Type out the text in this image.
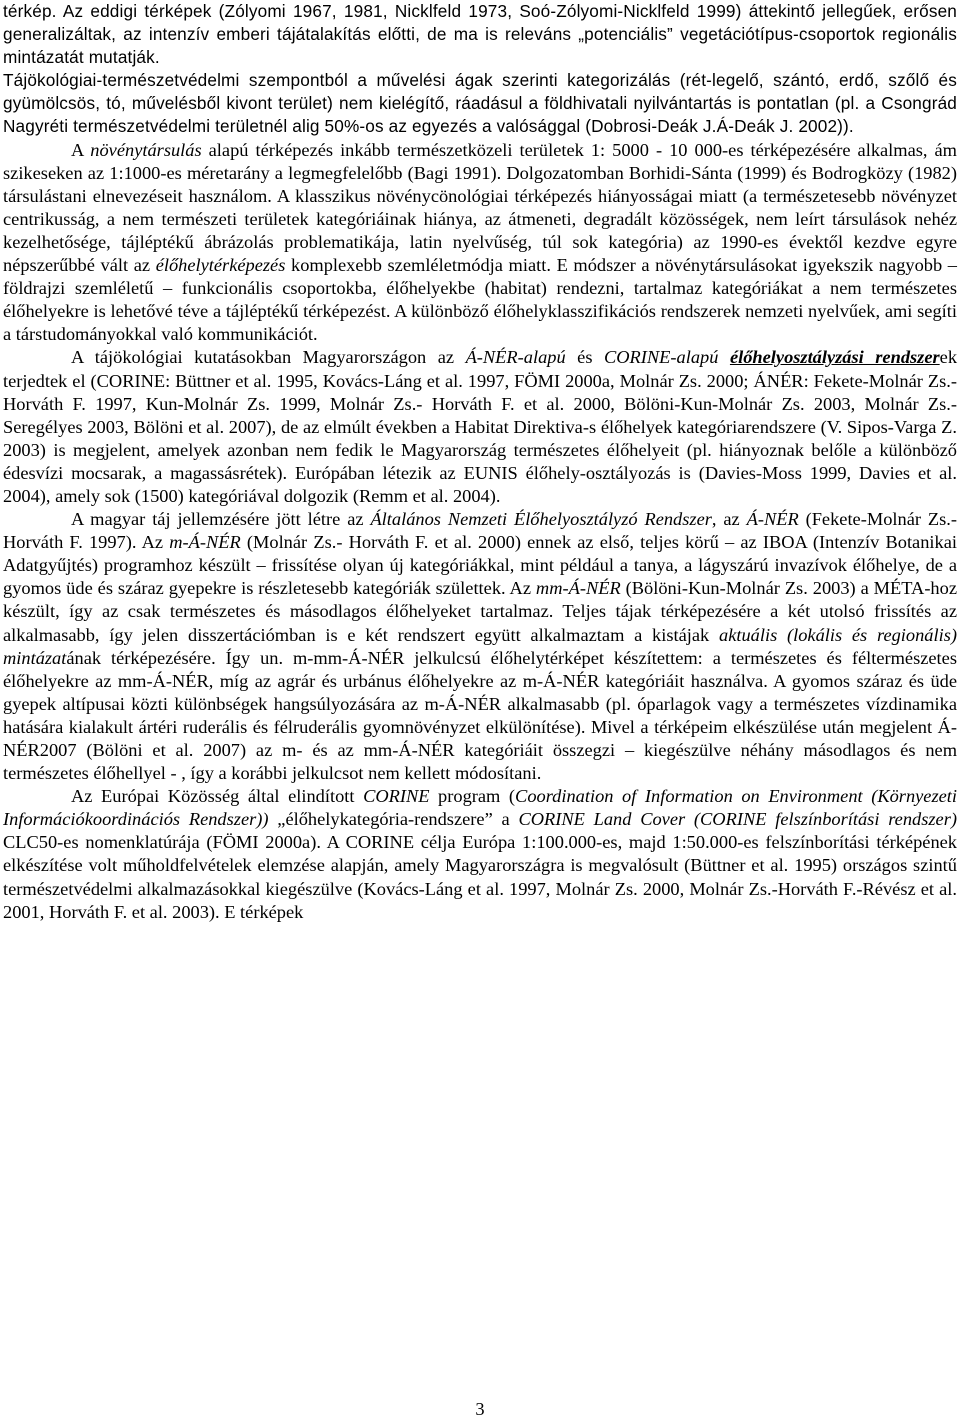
térkép. Az eddigi térképek (Zólyomi 1967, 1981, Nicklfeld 1973, Soó-Zólyomi-Nicklfeld 1999) áttekintő jellegűek, erősen generalizáltak, az intenzív emberi tájátalakítás előtti, de ma is releváns „potenciális” vegetációtípus-csoportok regionális mintázatát mutatják.

Tájökológiai-természetvédelmi szempontból a művelési ágak szerinti kategorizálás (rét-legelő, szántó, erdő, szőlő és gyümölcsös, tó, művelésből kivont terület) nem kielégítő, ráadásul a földhivatali nyilvántartás is pontatlan (pl. a Csongrád Nagyréti természetvédelmi területnél alig 50%-os az egyezés a valósággal (Dobrosi-Deák J.Á-Deák J. 2002)).

A növénytársulás alapú térképezés inkább természetközeli területek 1: 5000 - 10 000-es térképezésére alkalmas, ám szikeseken az 1:1000-es méretarány a legmegfelelőbb (Bagi 1991). Dolgozatomban Borhidi-Sánta (1999) és Bodrogközy (1982) társulástani elnevezéseit használom. A klasszikus növénycönológiai térképezés hiányosságai miatt (a természetesebb növényzet centrikusság, a nem természeti területek kategóriáinak hiánya, az átmeneti, degradált közösségek, nem leírt társulások nehéz kezelhetősége, tájléptékű ábrázolás problematikája, latin nyelvűség, túl sok kategória) az 1990-es évektől kezdve egyre népszerűbbé vált az élőhelytérképezés komplexebb szemléletmódja miatt. E módszer a növénytársulásokat igyekszik nagyobb –földrajzi szemléletű – funkcionális csoportokba, élőhelyekbe (habitat) rendezni, tartalmaz kategóriákat a nem természetes élőhelyekre is lehetővé téve a tájléptékű térképezést. A különböző élőhelyklasszifikációs rendszerek nemzeti nyelvűek, ami segíti a társtudományokkal való kommunikációt.

A tájökológiai kutatásokban Magyarországon az Á-NÉR-alapú és CORINE-alapú élőhelyosztályzási rendszerek terjedtek el (CORINE: Büttner et al. 1995, Kovács-Láng et al. 1997, FÖMI 2000a, Molnár Zs. 2000; ÁNÉR: Fekete-Molnár Zs.-Horváth F. 1997, Kun-Molnár Zs. 1999, Molnár Zs.- Horváth F. et al. 2000, Bölöni-Kun-Molnár Zs. 2003, Molnár Zs.-Seregélyes 2003, Bölöni et al. 2007), de az elmúlt években a Habitat Direktiva-s élőhelyek kategóriarendszere (V. Sipos-Varga Z. 2003) is megjelent, amelyek azonban nem fedik le Magyarország természetes élőhelyeit (pl. hiányoznak belőle a különböző édesvízi mocsarak, a magassásrétek). Európában létezik az EUNIS élőhely-osztályozás is (Davies-Moss 1999, Davies et al. 2004), amely sok (1500) kategóriával dolgozik (Remm et al. 2004).

A magyar táj jellemzésére jött létre az Általános Nemzeti Élőhelyosztályzó Rendszer, az Á-NÉR (Fekete-Molnár Zs.-Horváth F. 1997). Az m-Á-NÉR (Molnár Zs.- Horváth F. et al. 2000) ennek az első, teljes körű – az IBOA (Intenzív Botanikai Adatgyűjtés) programhoz készült – frissítése olyan új kategóriákkal, mint például a tanya, a lágyszárú invazívok élőhelye, de a gyomos üde és száraz gyepekre is részletesebb kategóriák születtek. Az mm-Á-NÉR (Bölöni-Kun-Molnár Zs. 2003) a MÉTA-hoz készült, így az csak természetes és másodlagos élőhelyeket tartalmaz. Teljes tájak térképezésére a két utolsó frissítés az alkalmasabb, így jelen disszertációmban is e két rendszert együtt alkalmaztam a kistájak aktuális (lokális és regionális) mintázatának térképezésére. Így un. m-mm-Á-NÉR jelkulcsú élőhelytérképet készítettem: a természetes és féltermészetes élőhelyekre az mm-Á-NÉR, míg az agrár és urbánus élőhelyekre az m-Á-NÉR kategóriáit használva. A gyomos száraz és üde gyepek altípusai közti különbségek hangsúlyozására az m-Á-NÉR alkalmasabb (pl. óparlagok vagy a természetes vízdinamika hatására kialakult ártéri ruderális és félruderális gyomnövényzet elkülönítése). Mivel a térképeim elkészülése után megjelent Á-NÉR2007 (Bölöni et al. 2007) az m- és az mm-Á-NÉR kategóriáit összegzi – kiegészülve néhány másodlagos és nem természetes élőhellyel - , így a korábbi jelkulcsot nem kellett módosítani.

Az Európai Közösség által elindított CORINE program (Coordination of Information on Environment (Környezeti Információkoordinációs Rendszer)) „élőhelykategória-rendszere” a CORINE Land Cover (CORINE felszínborítási rendszer) CLC50-es nomenklatúrája (FÖMI 2000a). A CORINE célja Európa 1:100.000-es, majd 1:50.000-es felszínborítási térképének elkészítése volt műholdfelvételek elemzése alapján, amely Magyarországra is megvalósult (Büttner et al. 1995) országos szintű természetvédelmi alkalmazásokkal kiegészülve (Kovács-Láng et al. 1997, Molnár Zs. 2000, Molnár Zs.-Horváth F.-Révész et al. 2001, Horváth F. et al. 2003). E térképek

3
